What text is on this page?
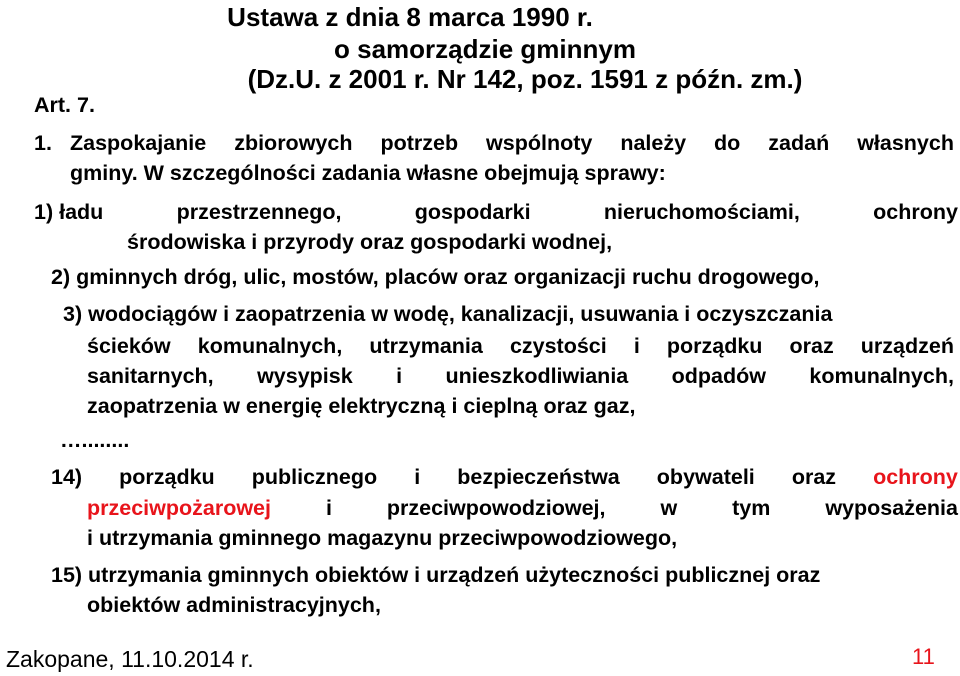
Ustawa z dnia 8 marca 1990 r.
o samorządzie gminnym
(Dz.U. z 2001 r. Nr 142, poz. 1591 z późn. zm.)
Art. 7.
1. Zaspokajanie zbiorowych potrzeb wspólnoty należy do zadań własnych
gminy. W szczególności zadania własne obejmują sprawy:
1) ładu	przestrzennego,	gospodarki	nieruchomościami,	ochrony
środowiska i przyrody oraz gospodarki wodnej,
2) gminnych dróg, ulic, mostów, placów oraz organizacji ruchu drogowego,
3) wodociągów i zaopatrzenia w wodę, kanalizacji, usuwania i oczyszczania
ścieków komunalnych, utrzymania czystości i porządku oraz urządzeń
sanitarnych, wysypisk i unieszkodliwiania odpadów komunalnych,
zaopatrzenia w energię elektryczną i cieplną oraz gaz,
…........
14) porządku publicznego i bezpieczeństwa obywateli oraz ochrony
przeciwpożarowej	i	przeciwpowodziowej,	w	tym	wyposażenia
i utrzymania gminnego magazynu przeciwpowodziowego,
15) utrzymania gminnych obiektów i urządzeń użyteczności publicznej oraz
obiektów administracyjnych,
Zakopane, 11.10.2014 r.	11
